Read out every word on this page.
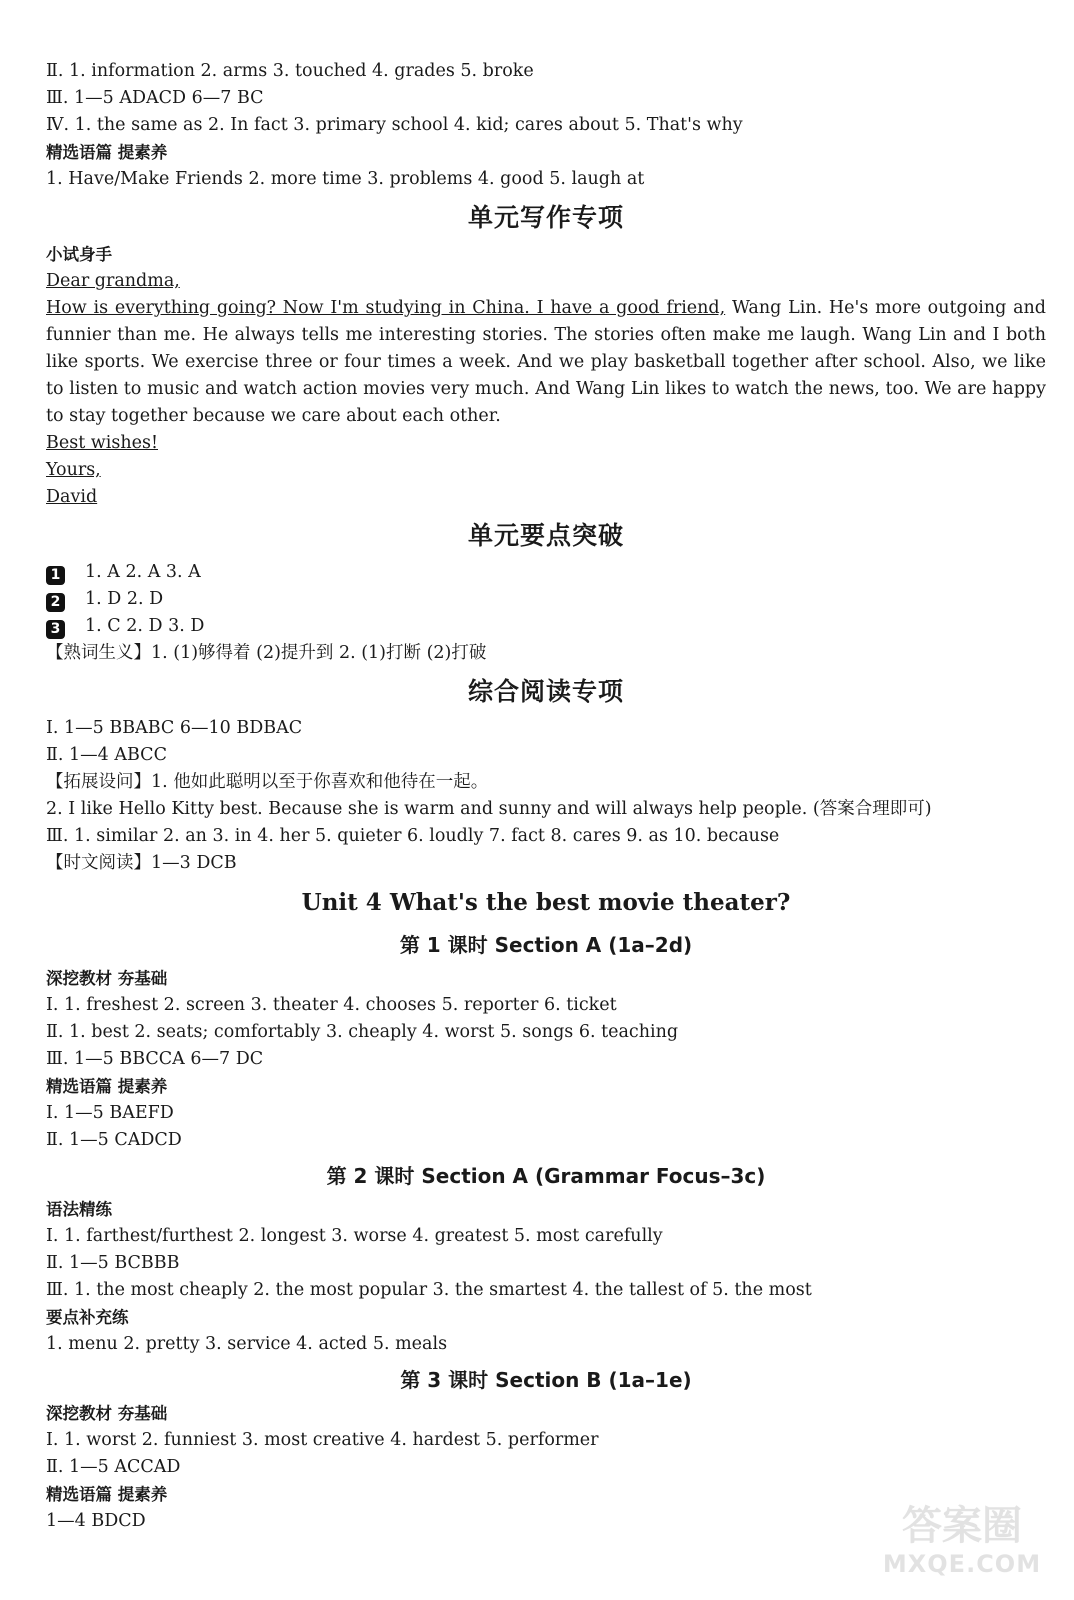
Ⅱ. 1. information 2. arms 3. touched 4. grades 5. broke
Ⅲ. 1—5 ADACD 6—7 BC
Ⅳ. 1. the same as 2. In fact 3. primary school 4. kid; cares about 5. That's why
精选语篇 提素养
1. Have/Make Friends 2. more time 3. problems 4. good 5. laugh at
单元写作专项
小试身手
Dear grandma,
How is everything going? Now I'm studying in China. I have a good friend, Wang Lin. He's more outgoing and funnier than me. He always tells me interesting stories. The stories often make me laugh. Wang Lin and I both like sports. We exercise three or four times a week. And we play basketball together after school. Also, we like to listen to music and watch action movies very much. And Wang Lin likes to watch the news, too. We are happy to stay together because we care about each other.
Best wishes!
Yours,
David
单元要点突破
1 1. A 2. A 3. A
2 1. D 2. D
3 1. C 2. D 3. D
【熟词生义】1. (1)够得着 (2)提升到 2. (1)打断 (2)打破
综合阅读专项
Ⅰ. 1—5 BBABC 6—10 BDBAC
Ⅱ. 1—4 ABCC
【拓展设问】1. 他如此聪明以至于你喜欢和他待在一起。
2. I like Hello Kitty best. Because she is warm and sunny and will always help people. (答案合理即可)
Ⅲ. 1. similar 2. an 3. in 4. her 5. quieter 6. loudly 7. fact 8. cares 9. as 10. because
【时文阅读】1—3 DCB
Unit 4 What's the best movie theater?
第 1 课时 Section A (1a–2d)
深挖教材 夯基础
Ⅰ. 1. freshest 2. screen 3. theater 4. chooses 5. reporter 6. ticket
Ⅱ. 1. best 2. seats; comfortably 3. cheaply 4. worst 5. songs 6. teaching
Ⅲ. 1—5 BBCCA 6—7 DC
精选语篇 提素养
Ⅰ. 1—5 BAEFD
Ⅱ. 1—5 CADCD
第 2 课时 Section A (Grammar Focus–3c)
语法精练
Ⅰ. 1. farthest/furthest 2. longest 3. worse 4. greatest 5. most carefully
Ⅱ. 1—5 BCBBB
Ⅲ. 1. the most cheaply 2. the most popular 3. the smartest 4. the tallest of 5. the most
要点补充练
1. menu 2. pretty 3. service 4. acted 5. meals
第 3 课时 Section B (1a–1e)
深挖教材 夯基础
Ⅰ. 1. worst 2. funniest 3. most creative 4. hardest 5. performer
Ⅱ. 1—5 ACCAD
精选语篇 提素养
1—4 BDCD	答案圈
MXQE.COM
